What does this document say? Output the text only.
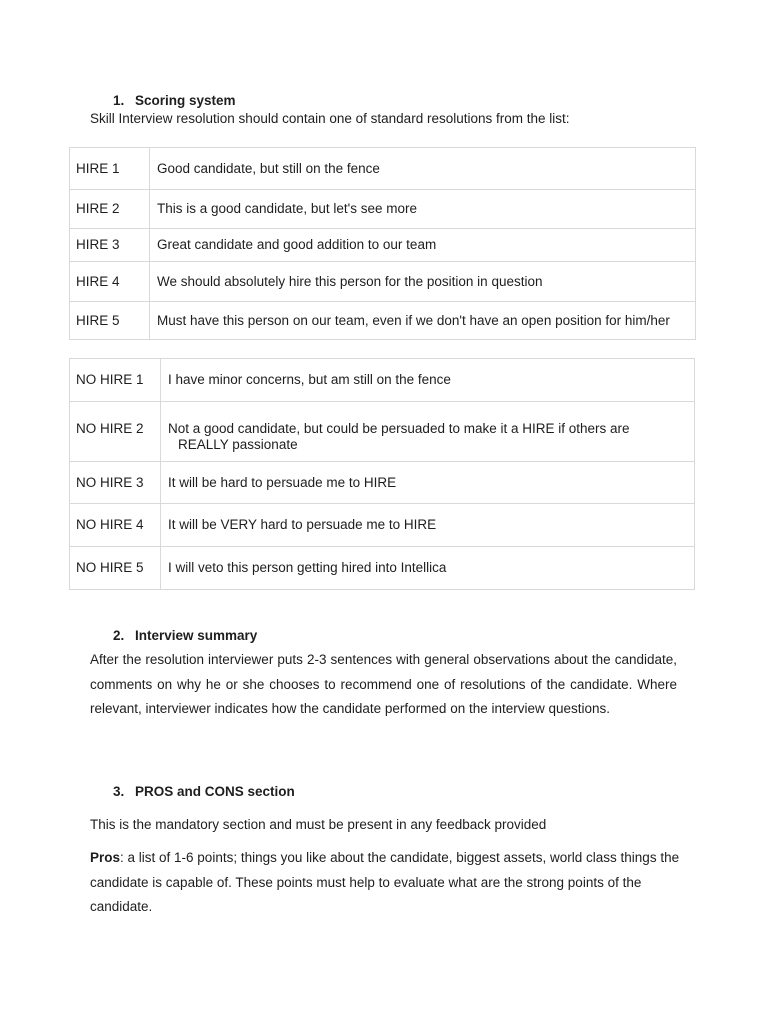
1. Scoring system
Skill Interview resolution should contain one of standard resolutions from the list:
HIRE 1	Good candidate, but still on the fence
HIRE 2	This is a good candidate, but let's see more
HIRE 3	Great candidate and good addition to our team
HIRE 4	We should absolutely hire this person for the position in question
HIRE 5	Must have this person on our team, even if we don't have an open position for him/her
NO HIRE 1	I have minor concerns, but am still on the fence
NO HIRE 2	Not a good candidate, but could be persuaded to make it a HIRE if others are
REALLY passionate

NO HIRE 3	It will be hard to persuade me to HIRE
NO HIRE 4	It will be VERY hard to persuade me to HIRE
NO HIRE 5	I will veto this person getting hired into Intellica
2. Interview summary
After the resolution interviewer puts 2-3 sentences with general observations about the candidate, comments on why he or she chooses to recommend one of resolutions of the candidate. Where relevant, interviewer indicates how the candidate performed on the interview questions.
3. PROS and CONS section
This is the mandatory section and must be present in any feedback provided
Pros: a list of 1-6 points; things you like about the candidate, biggest assets, world class things the candidate is capable of. These points must help to evaluate what are the strong points of the candidate.
